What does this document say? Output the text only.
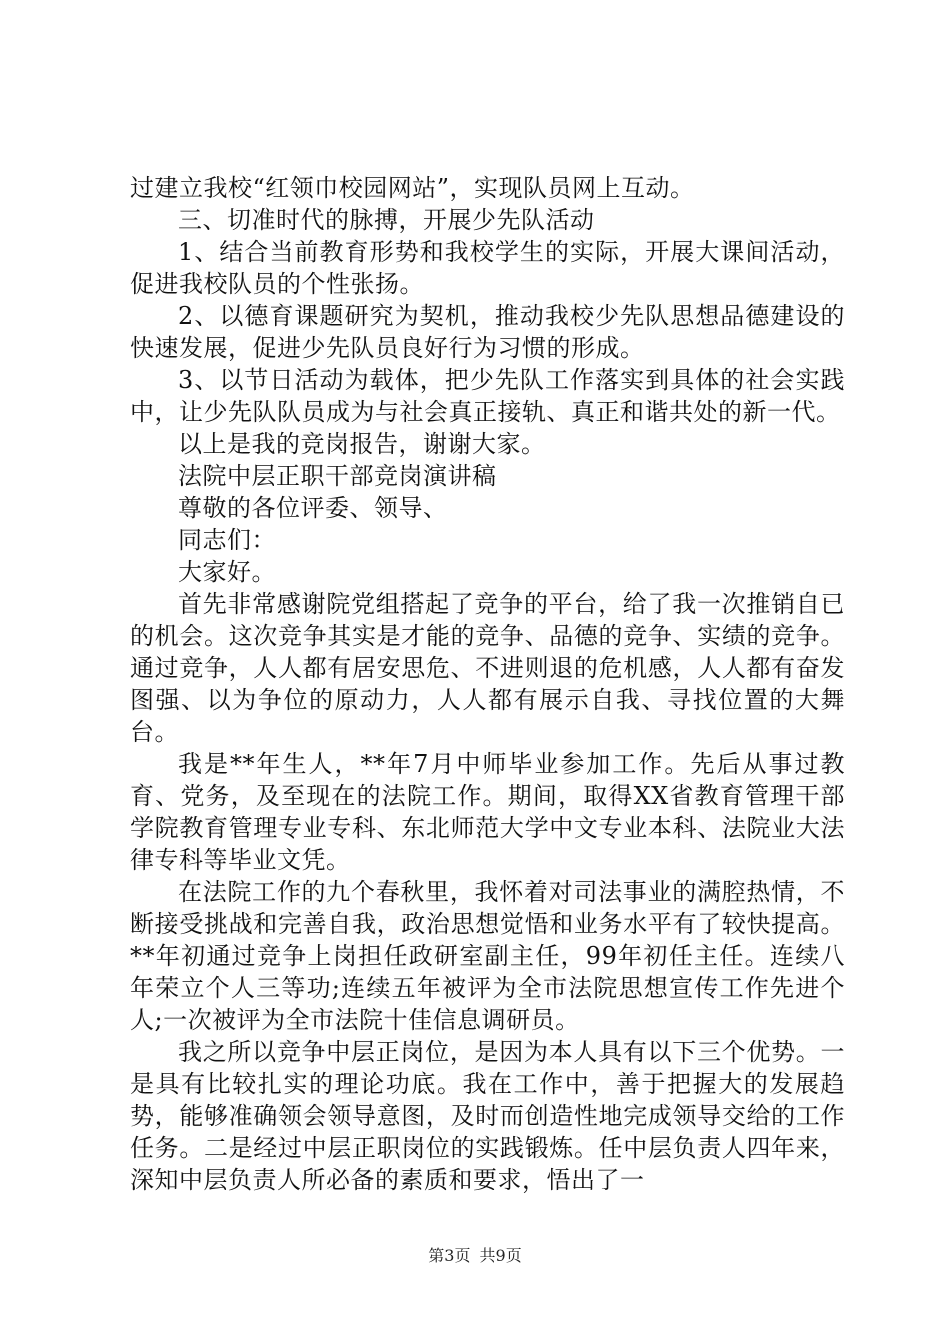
过建立我校“红领巾校园网站”，实现队员网上互动。

三、切准时代的脉搏，开展少先队活动

1、结合当前教育形势和我校学生的实际，开展大课间活动，促进我校队员的个性张扬。

2、以德育课题研究为契机，推动我校少先队思想品德建设的快速发展，促进少先队员良好行为习惯的形成。

3、以节日活动为载体，把少先队工作落实到具体的社会实践中，让少先队队员成为与社会真正接轨、真正和谐共处的新一代。

以上是我的竞岗报告，谢谢大家。

法院中层正职干部竞岗演讲稿

尊敬的各位评委、领导、

同志们：

大家好。

首先非常感谢院党组搭起了竞争的平台，给了我一次推销自已的机会。这次竞争其实是才能的竞争、品德的竞争、实绩的竞争。通过竞争，人人都有居安思危、不进则退的危机感，人人都有奋发图强、以为争位的原动力，人人都有展示自我、寻找位置的大舞台。

我是**年生人，**年7月中师毕业参加工作。先后从事过教育、党务，及至现在的法院工作。期间，取得XX省教育管理干部学院教育管理专业专科、东北师范大学中文专业本科、法院业大法律专科等毕业文凭。

在法院工作的九个春秋里，我怀着对司法事业的满腔热情，不断接受挑战和完善自我，政治思想觉悟和业务水平有了较快提高。**年初通过竞争上岗担任政研室副主任，99年初任主任。连续八年荣立个人三等功;连续五年被评为全市法院思想宣传工作先进个人;一次被评为全市法院十佳信息调研员。

我之所以竞争中层正岗位，是因为本人具有以下三个优势。一是具有比较扎实的理论功底。我在工作中，善于把握大的发展趋势，能够准确领会领导意图，及时而创造性地完成领导交给的工作任务。二是经过中层正职岗位的实践锻炼。任中层负责人四年来，深知中层负责人所必备的素质和要求，悟出了一

第3页 共9页
